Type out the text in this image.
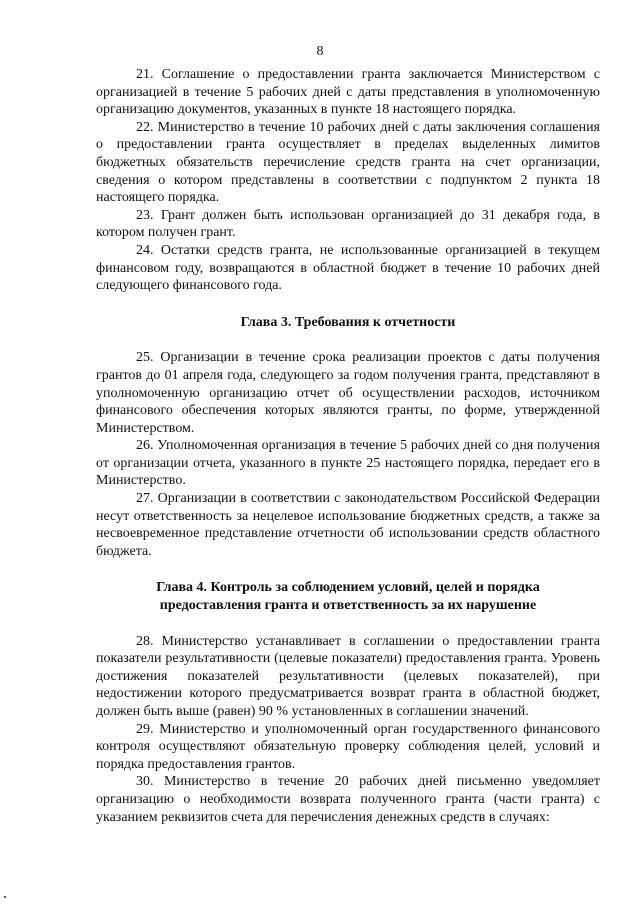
8

21. Соглашение о предоставлении гранта заключается Министерством с организацией в течение 5 рабочих дней с даты представления в уполномоченную организацию документов, указанных в пункте 18 настоящего порядка.

22. Министерство в течение 10 рабочих дней с даты заключения соглашения о предоставлении гранта осуществляет в пределах выделенных лимитов бюджетных обязательств перечисление средств гранта на счет организации, сведения о котором представлены в соответствии с подпунктом 2 пункта 18 настоящего порядка.

23. Грант должен быть использован организацией до 31 декабря года, в котором получен грант.

24. Остатки средств гранта, не использованные организацией в текущем финансовом году, возвращаются в областной бюджет в течение 10 рабочих дней следующего финансового года.

Глава 3. Требования к отчетности

25. Организации в течение срока реализации проектов с даты получения грантов до 01 апреля года, следующего за годом получения гранта, представляют в уполномоченную организацию отчет об осуществлении расходов, источником финансового обеспечения которых являются гранты, по форме, утвержденной Министерством.

26. Уполномоченная организация в течение 5 рабочих дней со дня получения от организации отчета, указанного в пункте 25 настоящего порядка, передает его в Министерство.

27. Организации в соответствии с законодательством Российской Федерации несут ответственность за нецелевое использование бюджетных средств, а также за несвоевременное представление отчетности об использовании средств областного бюджета.

Глава 4. Контроль за соблюдением условий, целей и порядка
предоставления гранта и ответственность за их нарушение

28. Министерство устанавливает в соглашении о предоставлении гранта показатели результативности (целевые показатели) предоставления гранта. Уровень достижения показателей результативности (целевых показателей), при недостижении которого предусматривается возврат гранта в областной бюджет, должен быть выше (равен) 90 % установленных в соглашении значений.

29. Министерство и уполномоченный орган государственного финансового контроля осуществляют обязательную проверку соблюдения целей, условий и порядка предоставления грантов.

30. Министерство в течение 20 рабочих дней письменно уведомляет организацию о необходимости возврата полученного гранта (части гранта) с указанием реквизитов счета для перечисления денежных средств в случаях:
